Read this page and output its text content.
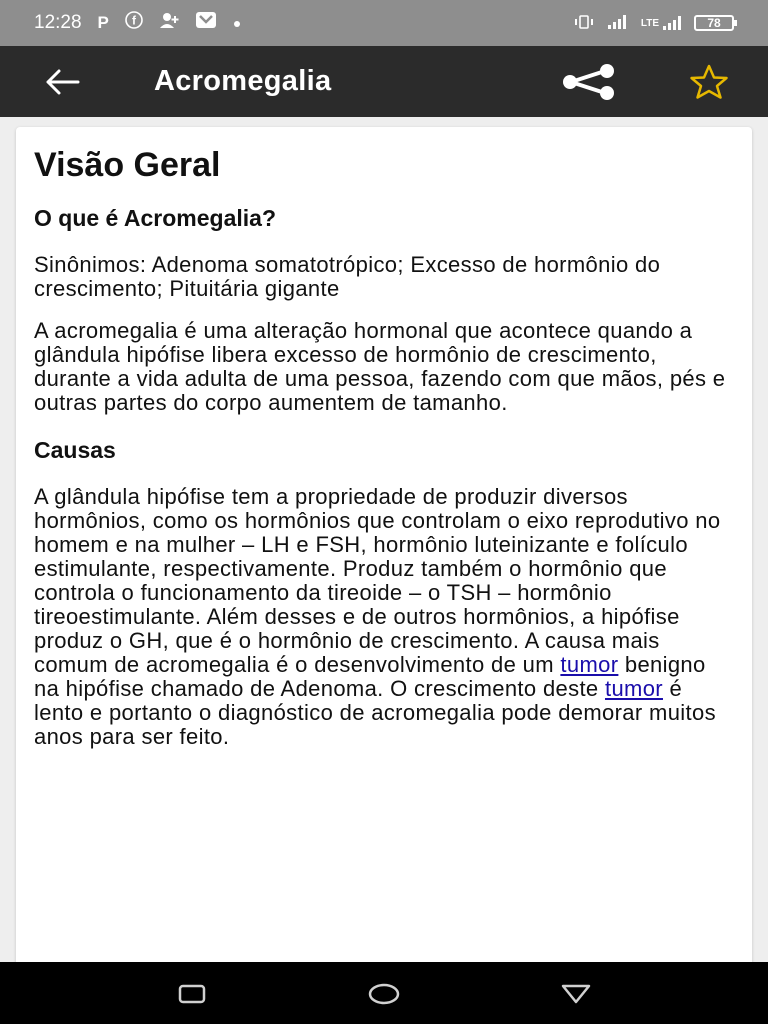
12:28 P f	LTE	78
Acromegalia
Visão Geral
O que é Acromegalia?

Sinônimos: Adenoma somatotrópico; Excesso de hormônio do crescimento; Pituitária gigante

A acromegalia é uma alteração hormonal que acontece quando a glândula hipófise libera excesso de hormônio de crescimento, durante a vida adulta de uma pessoa, fazendo com que mãos, pés e outras partes do corpo aumentem de tamanho.

Causas

A glândula hipófise tem a propriedade de produzir diversos hormônios, como os hormônios que controlam o eixo reprodutivo no homem e na mulher – LH e FSH, hormônio luteinizante e folículo estimulante, respectivamente. Produz também o hormônio que controla o funcionamento da tireoide – o TSH – hormônio tireoestimulante. Além desses e de outros hormônios, a hipófise produz o GH, que é o hormônio de crescimento. A causa mais comum de acromegalia é o desenvolvimento de um tumor benigno na hipófise chamado de Adenoma. O crescimento deste tumor é lento e portanto o diagnóstico de acromegalia pode demorar muitos anos para ser feito.
